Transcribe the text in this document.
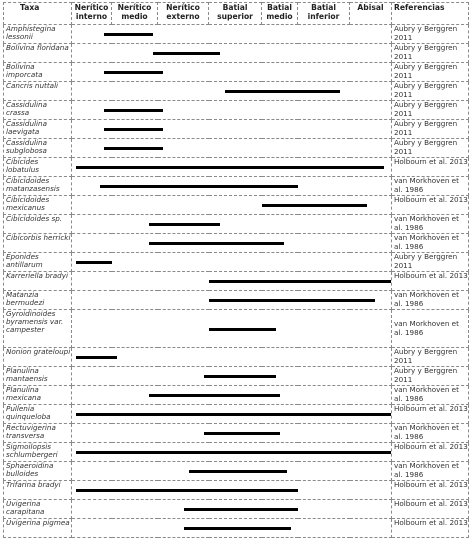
Taxa	Nerítico interno	Nerítico medio	Nerítico externo	Batial superior	Batial medio	Batial inferior	Abisal	Referencias
Amphistegina lessonii								Aubry y Berggren 2011
Bolivina floridana								Aubry y Berggren 2011
Bolivina imporcata								Aubry y Berggren 2011
Cancris nuttali								Aubry y Berggren 2011
Cassidulina crassa								Aubry y Berggren 2011
Cassidulina laevigata								Aubry y Berggren 2011
Cassidulina subglobosa								Aubry y Berggren 2011
Cibicides lobatulus								Holbourn et al. 2013
Cibicidoides matanzasensis								van Morkhoven et al. 1986
Cibicidoides mexicanus								Holbourn et al. 2013
Cibicidoides sp.								van Morkhoven et al. 1986
Cibicorbis herricki								van Morkhoven et al. 1986
Eponides antillarum								Aubry y Berggren 2011
Karreriella bradyi								Holbourn et al. 2013
Matanzia bermudezi								van Morkhoven et al. 1986
Gyroidinoides byramensis var. campester								van Morkhoven et al. 1986
Nonion grateloupi								Aubry y Berggren 2011
Planulina mantaensis								Aubry y Berggren 2011
Planulina mexicana								van Morkhoven et al. 1986
Pullenia quinqueloba								Holbourn et al. 2013
Rectuvigerina transversa								van Morkhoven et al. 1986
Sigmoilopsis schlumbergeri								Holbourn et al. 2013
Sphaeroidina bulloides								van Morkhoven et al. 1986
Trifarina bradyi								Holbourn et al. 2013
Uvigerina carapitana								Holbourn et al. 2013
Uvigerina pigmea								Holbourn et al. 2013
